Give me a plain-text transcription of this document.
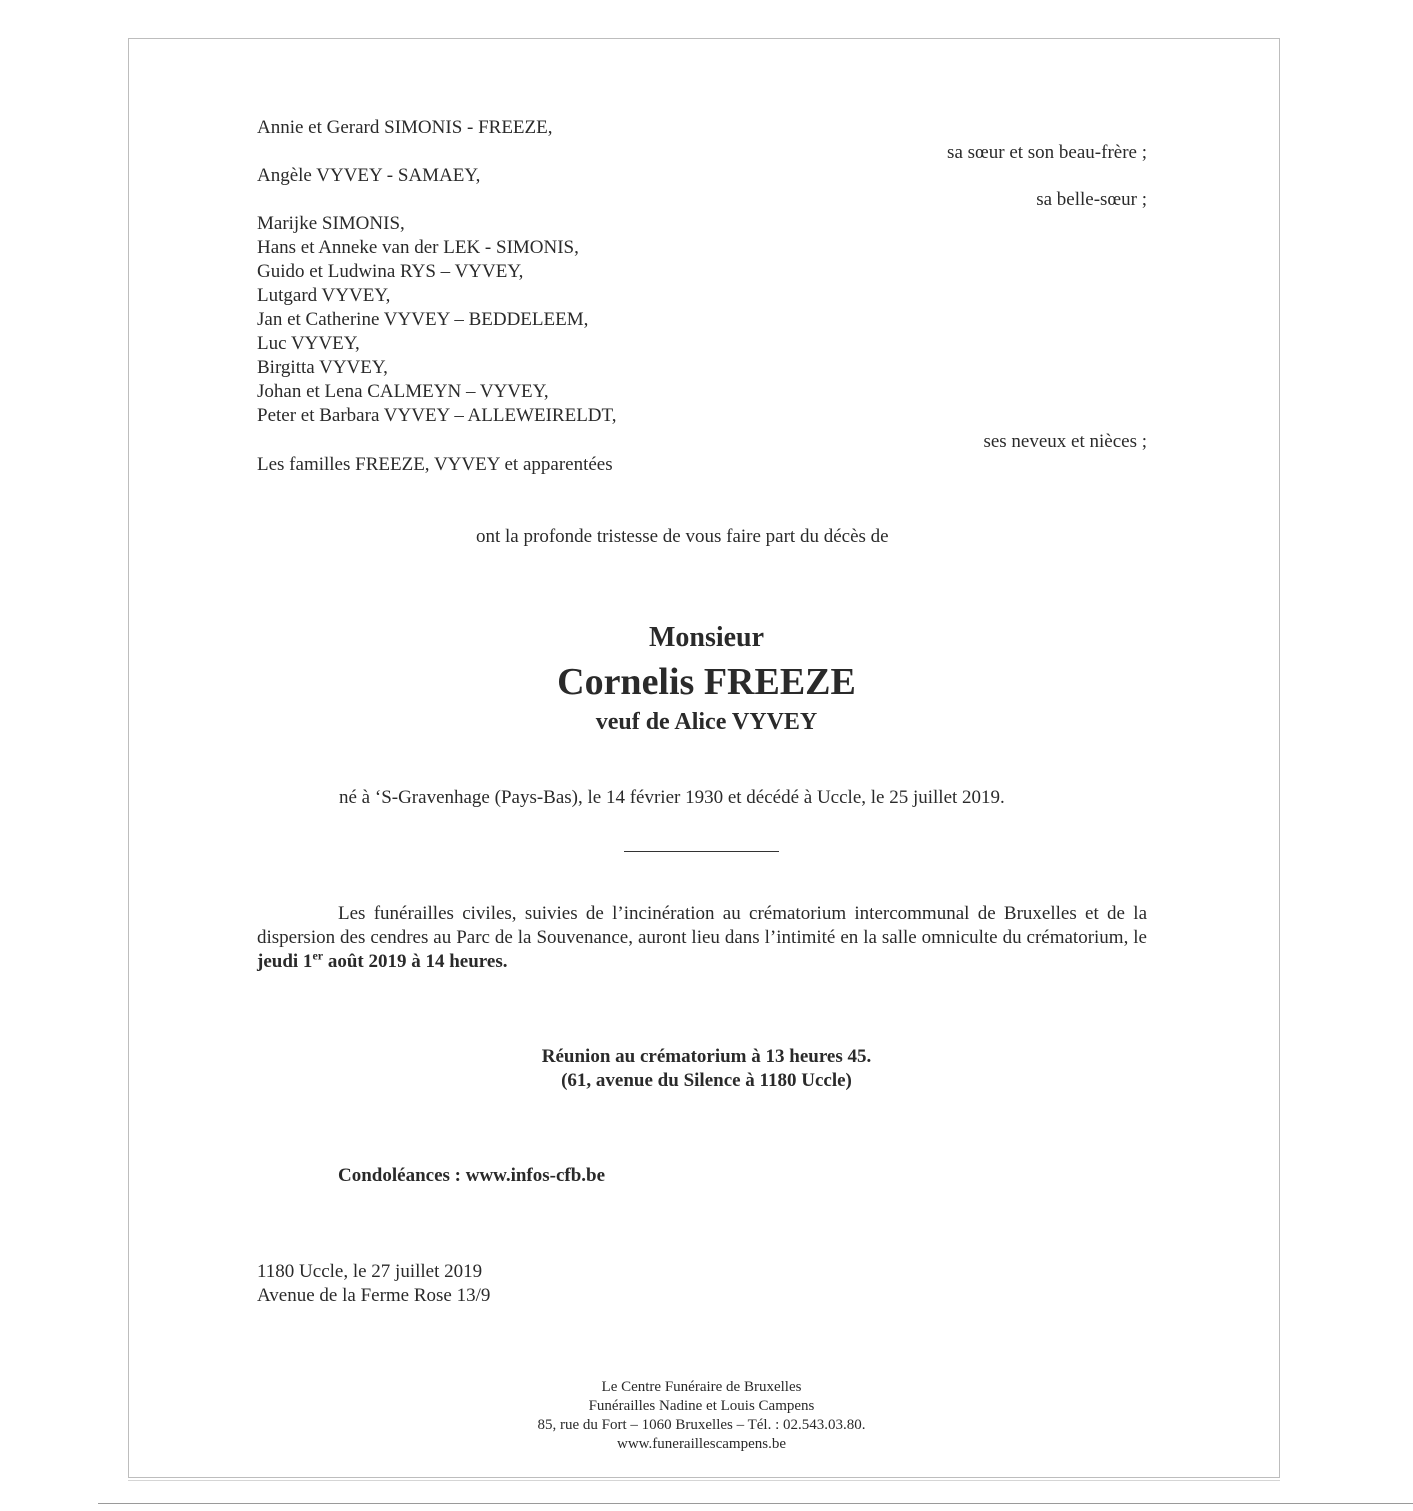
Annie et Gerard SIMONIS - FREEZE,
sa sœur et son beau-frère ;
Angèle VYVEY - SAMAEY,
sa belle-sœur ;
Marijke SIMONIS,
Hans et Anneke van der LEK - SIMONIS,
Guido et Ludwina RYS – VYVEY,
Lutgard VYVEY,
Jan et Catherine VYVEY – BEDDELEEM,
Luc VYVEY,
Birgitta VYVEY,
Johan et Lena CALMEYN – VYVEY,
Peter et Barbara VYVEY – ALLEWEIRELDT,
ses neveux et nièces ;
Les familles FREEZE, VYVEY et apparentées
ont la profonde tristesse de vous faire part du décès de
Monsieur
Cornelis FREEZE
veuf de Alice VYVEY
né à ‘S-Gravenhage (Pays-Bas), le 14 février 1930 et décédé à Uccle, le 25 juillet 2019.
Les funérailles civiles, suivies de l’incinération au crématorium intercommunal de Bruxelles et de la dispersion des cendres au Parc de la Souvenance, auront lieu dans l’intimité en la salle omniculte du crématorium, le jeudi 1er août 2019 à 14 heures.
Réunion au crématorium à 13 heures 45.
(61, avenue du Silence à 1180 Uccle)
Condoléances : www.infos-cfb.be
1180 Uccle, le 27 juillet 2019
Avenue de la Ferme Rose 13/9
Le Centre Funéraire de Bruxelles
Funérailles Nadine et Louis Campens
85, rue du Fort – 1060 Bruxelles – Tél. : 02.543.03.80.
www.funeraillescampens.be
